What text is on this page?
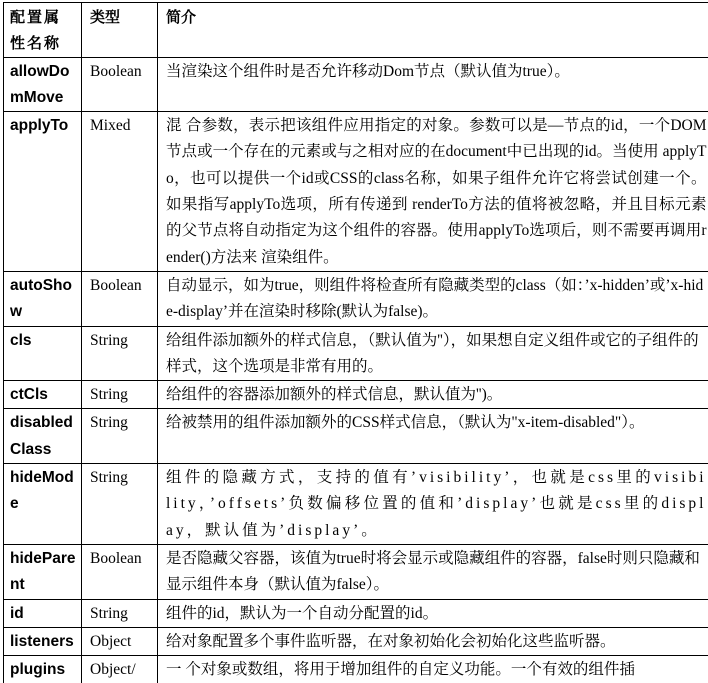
配置属性名称	类型	简介
allowDomMove	Boolean	当渲染这个组件时是否允许移动Dom节点（默认值为true）。
applyTo	Mixed	混 合参数，表示把该组件应用指定的对象。参数可以是—节点的id，一个DOM节点或一个存在的元素或与之相对应的在document中已出现的id。当使用 applyTo，也可以提供一个id或CSS的class名称，如果子组件允许它将尝试创建一个。如果指写applyTo选项，所有传递到 renderTo方法的值将被忽略，并且目标元素的父节点将自动指定为这个组件的容器。使用applyTo选项后，则不需要再调用render()方法来 渲染组件。
autoShow	Boolean	自动显示，如为true，则组件将检查所有隐藏类型的class（如：’x-hidden’或’x-hide-display’并在渲染时移除(默认为false)。
cls	String	给组件添加额外的样式信息，（默认值为''），如果想自定义组件或它的子组件的样式，这个选项是非常有用的。
ctCls	String	给组件的容器添加额外的样式信息，默认值为'')。
disabledClass	String	给被禁用的组件添加额外的CSS样式信息，（默认为"x-item-disabled"）。
hideMode	String	组件的隐藏方式，支持的值有’visibility’，也就是css里的visibility，’offsets’负数偏移位置的值和’display’也就是css里的display，默认值为’display’。
hideParent	Boolean	是否隐藏父容器，该值为true时将会显示或隐藏组件的容器，false时则只隐藏和显示组件本身（默认值为false）。
id	String	组件的id，默认为一个自动分配置的id。
listeners	Object	给对象配置多个事件监听器，在对象初始化会初始化这些监听器。
plugins	Object/	一 个对象或数组，将用于增加组件的自定义功能。一个有效的组件插
